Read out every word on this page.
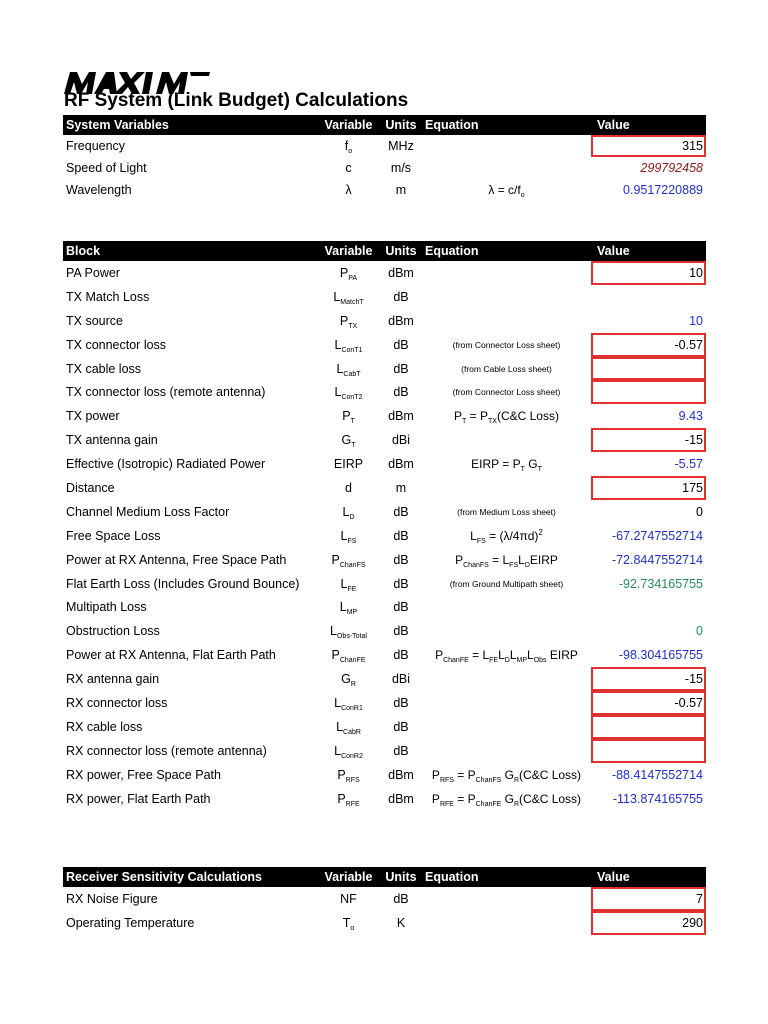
MAXIM
RF System (Link Budget) Calculations
System Variables	Variable	Units	Equation	Value
Frequency	$f_o$	MHz		315
Speed of Light	c	m/s		299792458
Wavelength	λ	m	$\lambda = c/f_o$	0.9517220889
Block	Variable	Units	Equation	Value
PA Power	$P_{PA}$	dBm		10
TX Match Loss	$L_{MatchT}$	dB		
TX source	$P_{TX}$	dBm		10
TX connector loss	$L_{ConT1}$	dB	(from Connector Loss sheet)	-0.57
TX cable loss	$L_{CabT}$	dB	(from Cable Loss sheet)	
TX connector loss (remote antenna)	$L_{ConT2}$	dB	(from Connector Loss sheet)	
TX power	$P_T$	dBm	$P_T$ = $P_{TX}(C\&C$ Loss)	9.43
TX antenna gain	$G_T$	dBi		-15
Effective (Isotropic) Radiated Power	EIRP	dBm	EIRP = $P_T$ $G_T$	-5.57
Distance	d	m		175
Channel Medium Loss Factor	$L_D$	dB	(from Medium Loss sheet)	0
Free Space Loss	$L_{FS}$	dB	$L_{FS} = (\lambda/4\pi d)^2$	-67.2747552714
Power at RX Antenna, Free Space Path	$P_{ChanFS}$	dB	$P_{ChanFS}$ = $L_{FS}L_DEIRP$	-72.8447552714
Flat Earth Loss (Includes Ground Bounce)	$L_{FE}$	dB	(from Ground Multipath sheet)	-92.734165755
Multipath Loss	$L_{MP}$	dB		
Obstruction Loss	$L_{Obs-Total}$	dB		0
Power at RX Antenna, Flat Earth Path	$P_{ChanFE}$	dB	$P_{ChanFE} = L_{FE}L_DL_{MP}L_{Obs}$ EIRP	-98.304165755
RX antenna gain	$G_R$	dBi		-15
RX connector loss	$L_{ConR1}$	dB		-0.57
RX cable loss	$L_{CabR}$	dB		
RX connector loss (remote antenna)	$L_{ConR2}$	dB		
RX power, Free Space Path	$P_{RFS}$	dBm	$P_{RFS} = P_{ChanFS}$ $G_R(C\&C$ Loss)	-88.4147552714
RX power, Flat Earth Path	$P_{RFE}$	dBm	$P_{RFE} = P_{ChanFE}$ $G_R(C\&C$ Loss)	-113.874165755
Receiver Sensitivity Calculations	Variable	Units	Equation	Value
RX Noise Figure	NF	dB		7
Operating Temperature	$T_o$	K		290
